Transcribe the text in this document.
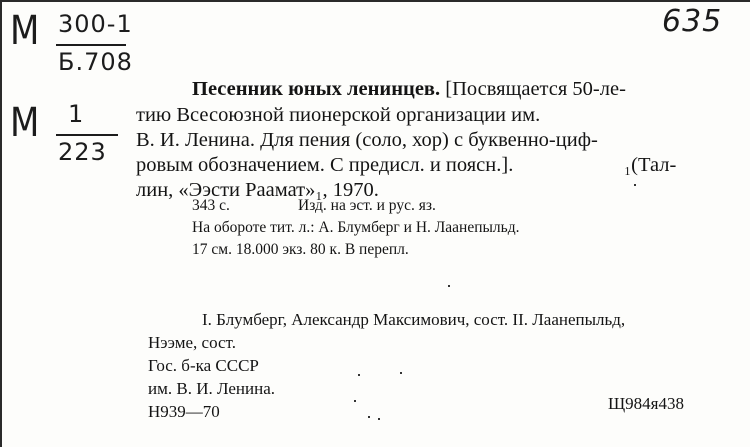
М 300-1
Б.708
М 1
223
635
Песенник юных ленинцев. [Посвящается 50-ле-
тию Всесоюзной пионерской организации им.
В. И. Ленина. Для пения (соло, хор) с буквенно-циф-
ровым обозначением. С предисл. и поясн.].	₁(Тал-
лин, «Ээсти Раамат»₁, 1970.
343 с.	Изд. на эст. и рус. яз.
На обороте тит. л.: А. Блумберг и Н. Лаанепыльд.
17 см. 18.000 экз. 80 к. В перепл.
I. Блумберг, Александр Максимович, сост. II. Лаанепыльд,
Нээме, сост.
Гос. б-ка СССР
им. В. И. Ленина.
Н939—70	Щ984я438
